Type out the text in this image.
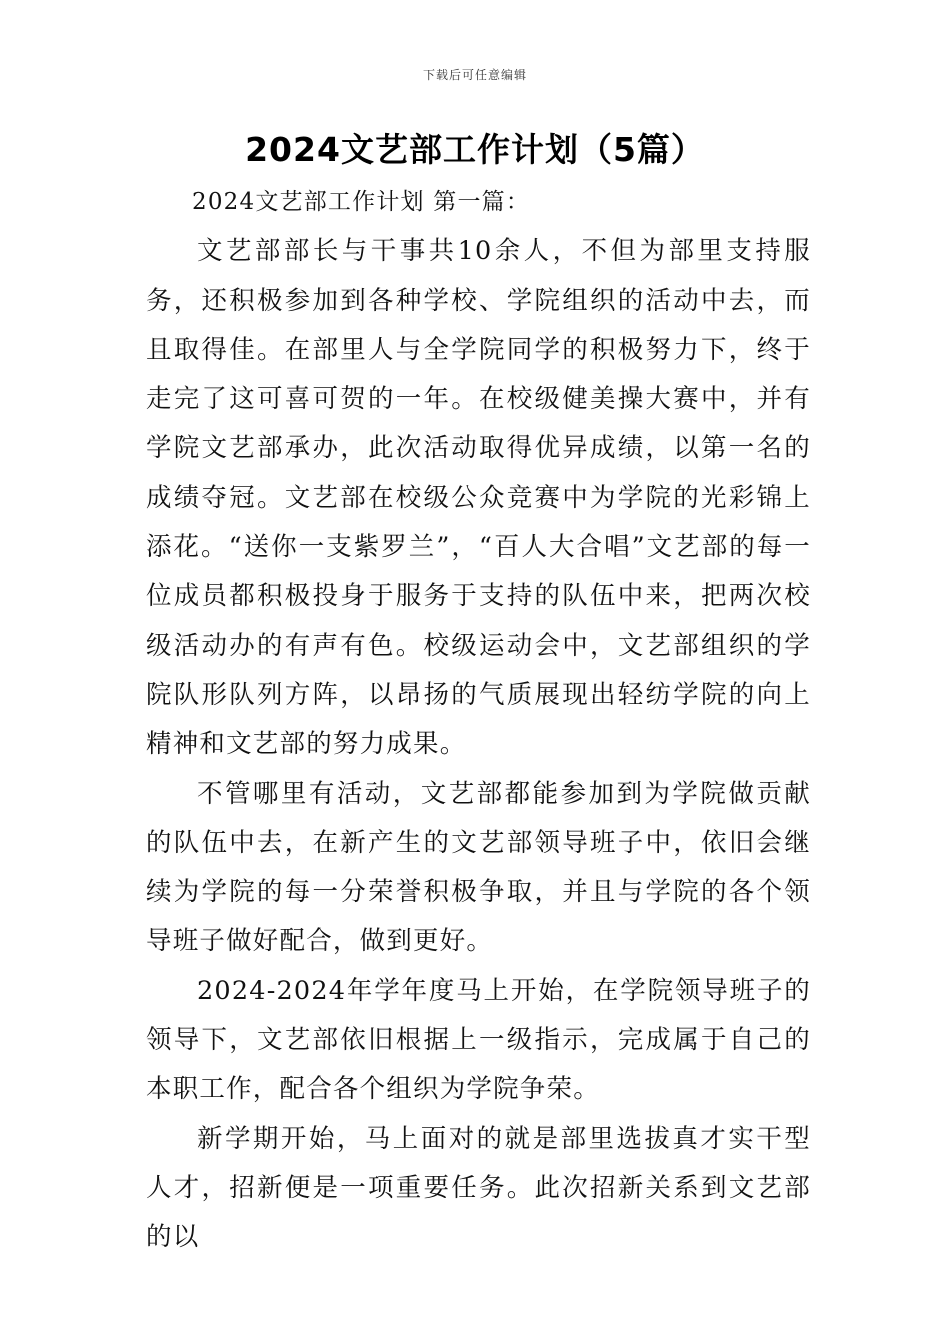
下载后可任意编辑
2024文艺部工作计划（5篇）

2024文艺部工作计划 第一篇：

文艺部部长与干事共10余人，不但为部里支持服务，还积极参加到各种学校、学院组织的活动中去，而且取得佳。在部里人与全学院同学的积极努力下，终于走完了这可喜可贺的一年。在校级健美操大赛中，并有学院文艺部承办，此次活动取得优异成绩，以第一名的成绩夺冠。文艺部在校级公众竞赛中为学院的光彩锦上添花。“送你一支紫罗兰”，“百人大合唱”文艺部的每一位成员都积极投身于服务于支持的队伍中来，把两次校级活动办的有声有色。校级运动会中，文艺部组织的学院队形队列方阵，以昂扬的气质展现出轻纺学院的向上精神和文艺部的努力成果。

不管哪里有活动，文艺部都能参加到为学院做贡献的队伍中去，在新产生的文艺部领导班子中，依旧会继续为学院的每一分荣誉积极争取，并且与学院的各个领导班子做好配合，做到更好。

2024-2024年学年度马上开始，在学院领导班子的领导下，文艺部依旧根据上一级指示，完成属于自己的本职工作，配合各个组织为学院争荣。

新学期开始，马上面对的就是部里选拔真才实干型人才，招新便是一项重要任务。此次招新关系到文艺部的以
